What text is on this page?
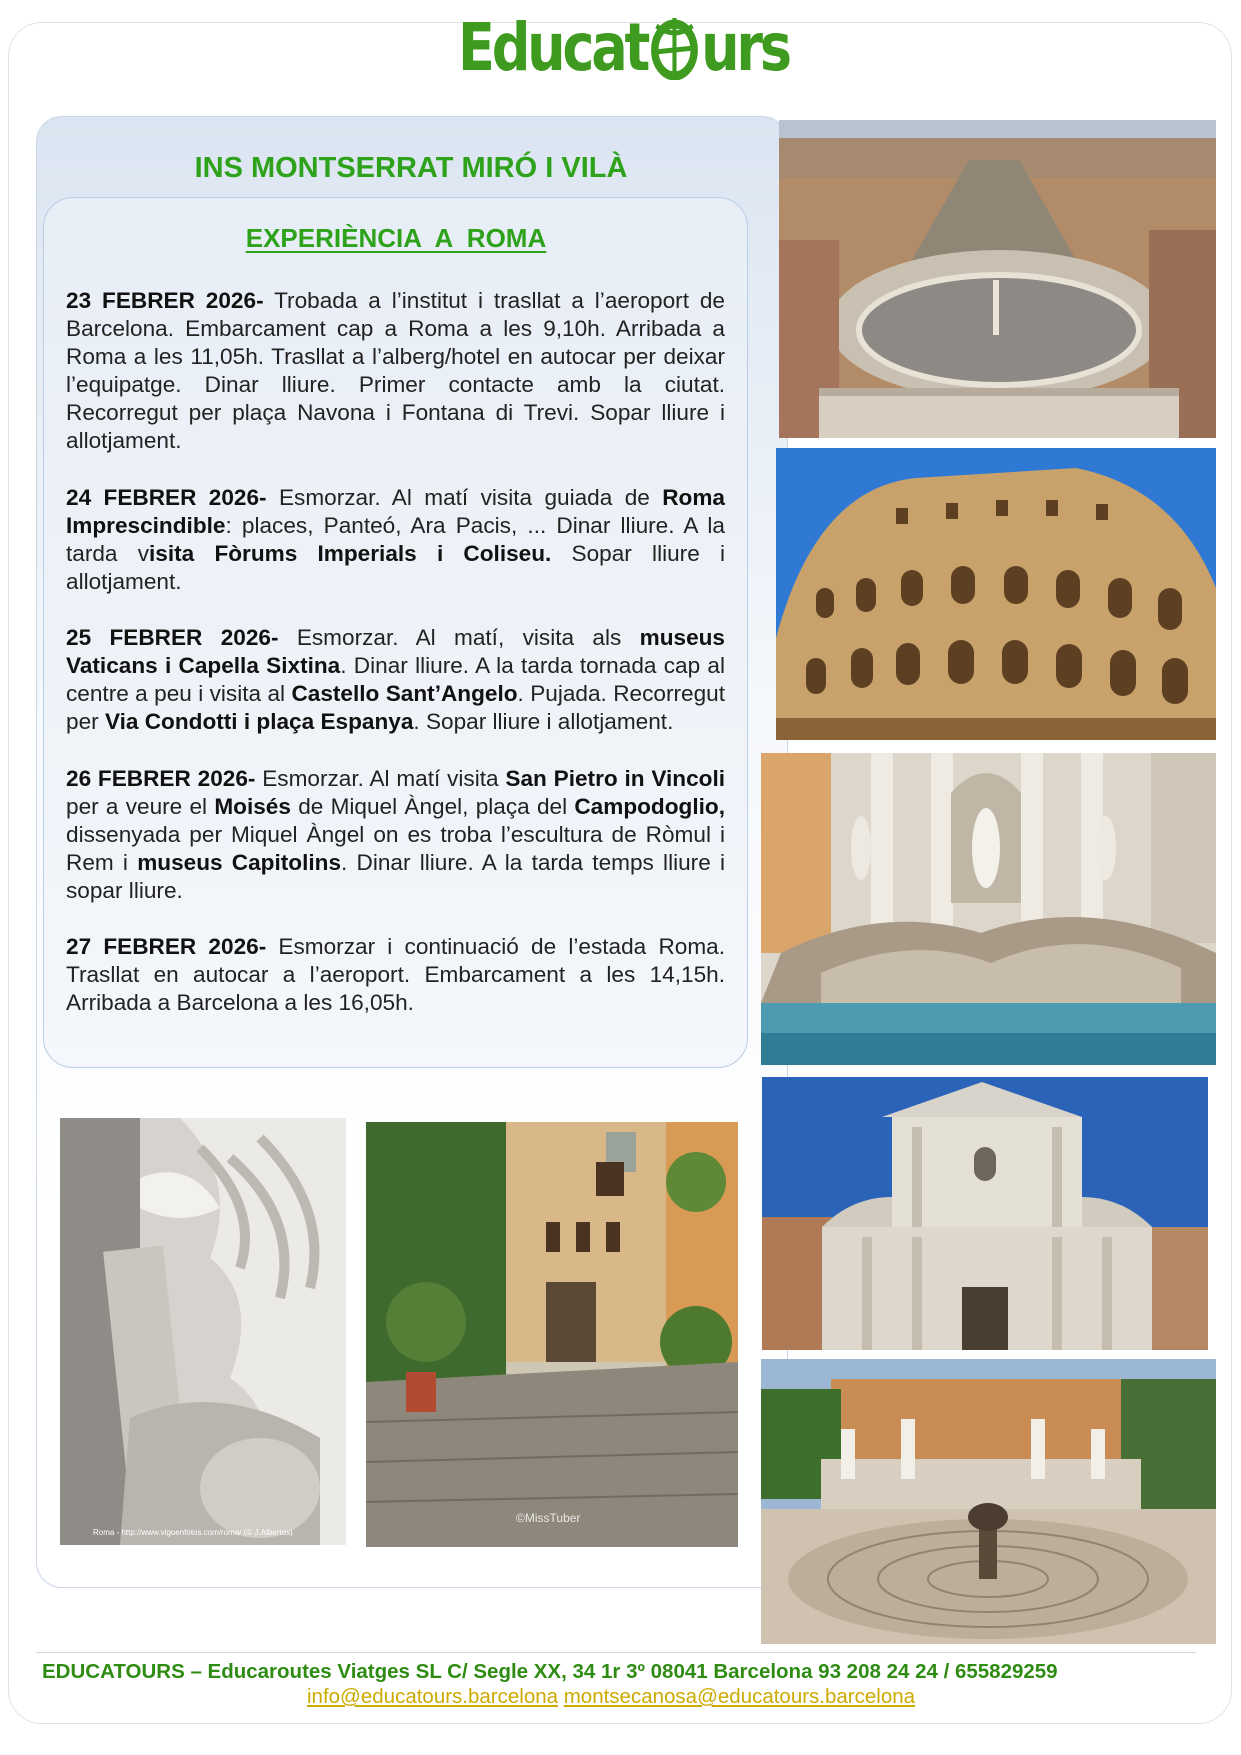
Educat urs
INS MONTSERRAT MIRÓ I VILÀ
EXPERIÈNCIA  A  ROMA

23 FEBRER 2026- Trobada a l’institut i trasllat a l’aeroport de Barcelona. Embarcament cap a Roma a les 9,10h. Arribada a Roma a les 11,05h. Trasllat a l’alberg/hotel en autocar per deixar l’equipatge. Dinar lliure. Primer contacte amb la ciutat. Recorregut per plaça Navona i Fontana di Trevi. Sopar lliure i allotjament.

24 FEBRER 2026- Esmorzar. Al matí visita guiada de Roma Imprescindible: places, Panteó, Ara Pacis, ... Dinar lliure. A la tarda visita Fòrums Imperials i Coliseu. Sopar lliure i allotjament.

25 FEBRER 2026- Esmorzar. Al matí, visita als museus Vaticans i Capella Sixtina. Dinar lliure. A la tarda tornada cap al centre a peu i visita al Castello Sant’Angelo. Pujada. Recorregut per Via Condotti i plaça Espanya. Sopar lliure i allotjament.

26 FEBRER 2026- Esmorzar. Al matí visita San Pietro in Vincoli per a veure el Moisés de Miquel Àngel, plaça del Campodoglio, dissenyada per Miquel Àngel on es troba l’escultura de Ròmul i Rem i museus Capitolins. Dinar lliure. A la tarda temps lliure i sopar lliure.

27 FEBRER 2026- Esmorzar i continuació de l’estada Roma. Trasllat en autocar a l’aeroport. Embarcament a les 14,15h. Arribada a Barcelona a les 16,05h.

Roma - http://www.vigoenfotos.com/roma/ (© J.Albertos)
©MissTuber
EDUCATOURS – Educaroutes Viatges SL C/ Segle XX, 34 1r 3º 08041 Barcelona 93 208 24 24 / 655829259
info@educatours.barcelona montsecanosa@educatours.barcelona
